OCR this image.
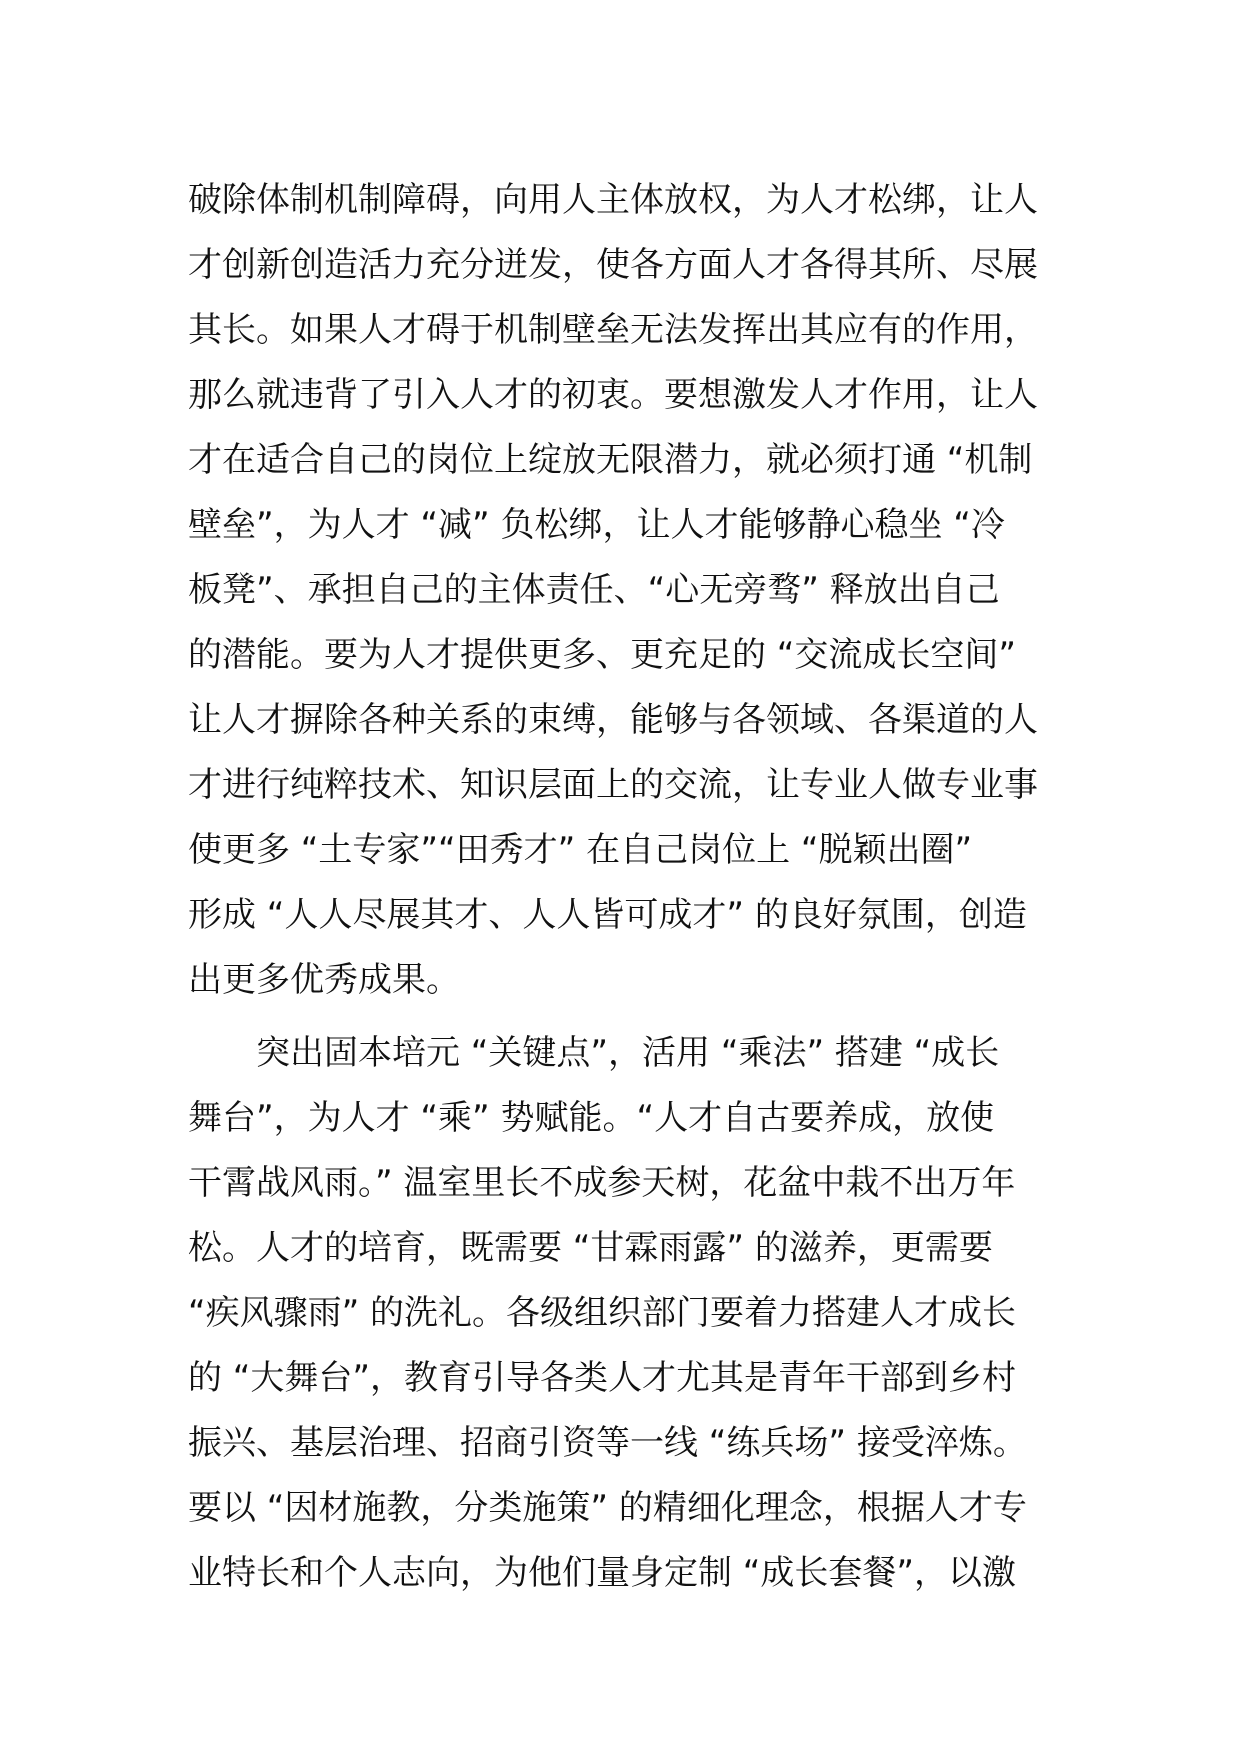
破除体制机制障碍，向用人主体放权，为人才松绑，让人
才创新创造活力充分迸发，使各方面人才各得其所、尽展
其长。如果人才碍于机制壁垒无法发挥出其应有的作用，
那么就违背了引入人才的初衷。要想激发人才作用，让人
才在适合自己的岗位上绽放无限潜力，就必须打通 “机制
壁垒”，为人才 “减” 负松绑，让人才能够静心稳坐 “冷
板凳”、承担自己的主体责任、“心无旁骛” 释放出自己
的潜能。要为人才提供更多、更充足的 “交流成长空间”
让人才摒除各种关系的束缚，能够与各领域、各渠道的人
才进行纯粹技术、知识层面上的交流，让专业人做专业事
使更多 “土专家”“田秀才” 在自己岗位上 “脱颖出圈”
形成 “人人尽展其才、人人皆可成才” 的良好氛围，创造
出更多优秀成果。
　　突出固本培元 “关键点”，活用 “乘法” 搭建 “成长
舞台”，为人才 “乘” 势赋能。“人才自古要养成，放使
干霄战风雨。” 温室里长不成参天树，花盆中栽不出万年
松。人才的培育，既需要 “甘霖雨露” 的滋养，更需要
“疾风骤雨” 的洗礼。各级组织部门要着力搭建人才成长
的 “大舞台”，教育引导各类人才尤其是青年干部到乡村
振兴、基层治理、招商引资等一线 “练兵场” 接受淬炼。
要以 “因材施教，分类施策” 的精细化理念，根据人才专
业特长和个人志向，为他们量身定制 “成长套餐”，以激
